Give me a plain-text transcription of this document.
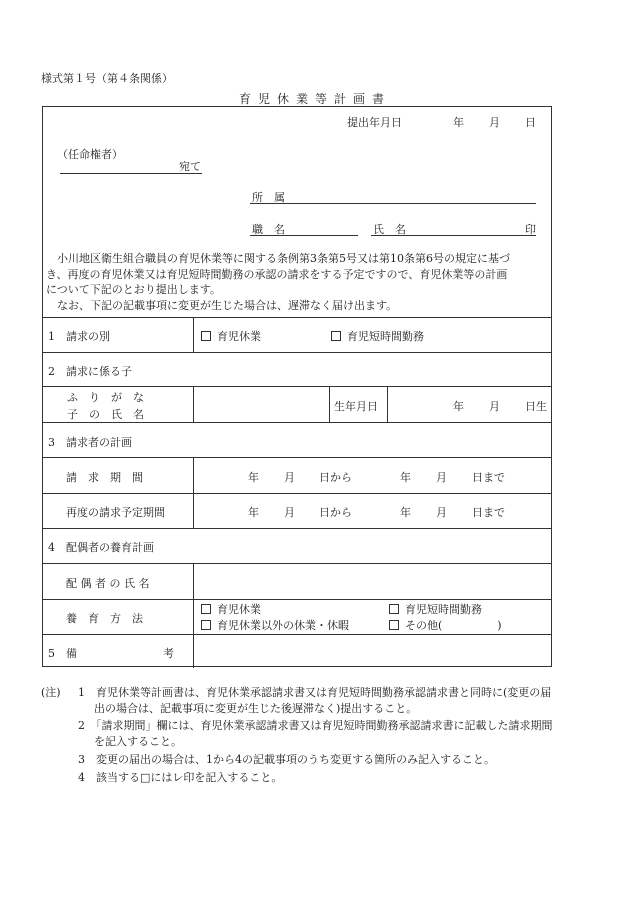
様式第１号（第４条関係）
育児休業等計画書
提出年月日	年 月 日
（任命権者）
宛て
所　属
職　名	氏　名	印
小川地区衛生組合職員の育児休業等に関する条例第3条第5号又は第10条第6号の規定に基づ
き、再度の育児休業又は育児短時間勤務の承認の請求をする予定ですので、育児休業等の計画
について下記のとおり提出します。
なお、下記の記載事項に変更が生じた場合は、遅滞なく届け出ます。
1　請求の別	育児休業	育児短時間勤務
2　請求に係る子
ふ　り　が　な
子　の　氏　名
生年月日	年 月 日生
3　請求者の計画
請　求　期　間	年 月 日から	年 月 日まで
再度の請求予定期間	年 月 日から	年 月 日まで
4　配偶者の養育計画
配 偶 者 の 氏 名
養　育　方　法
育児休業	育児短時間勤務
育児休業以外の休業・休暇	その他(　　　　　)
5　備	考
(注) 1　育児休業等計画書は、育児休業承認請求書又は育児短時間勤務承認請求書と同時に(変更の届
出の場合は、記載事項に変更が生じた後遅滞なく)提出すること。
2　「請求期間」欄には、育児休業承認請求書又は育児短時間勤務承認請求書に記載した請求期間
を記入すること。
3　変更の届出の場合は、1から4の記載事項のうち変更する箇所のみ記入すること。
4　該当する□にはレ印を記入すること。
